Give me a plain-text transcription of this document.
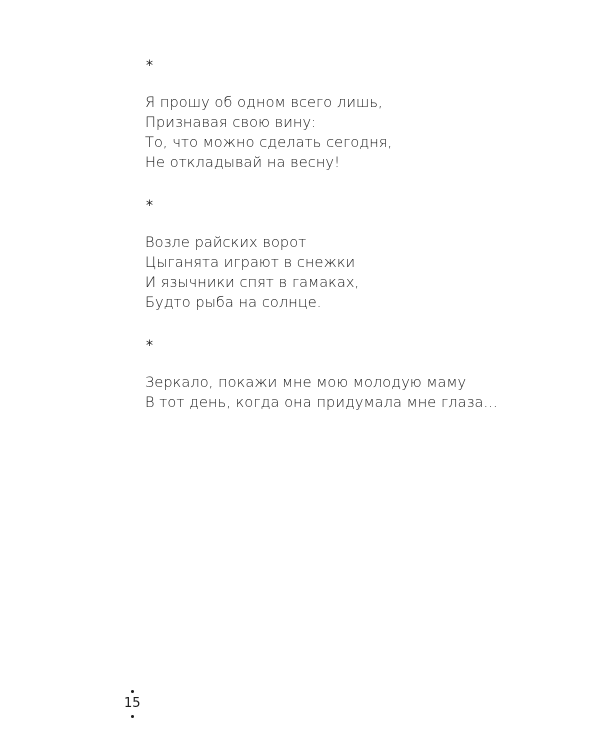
*
Я прошу об одном всего лишь,
Признавая свою вину:
То, что можно сделать сегодня,
Не откладывай на весну!
*
Возле райских ворот
Цыганята играют в снежки
И язычники спят в гамаках,
Будто рыба на солнце.
*
Зеркало, покажи мне мою молодую маму
В тот день, когда она придумала мне глаза...
15
